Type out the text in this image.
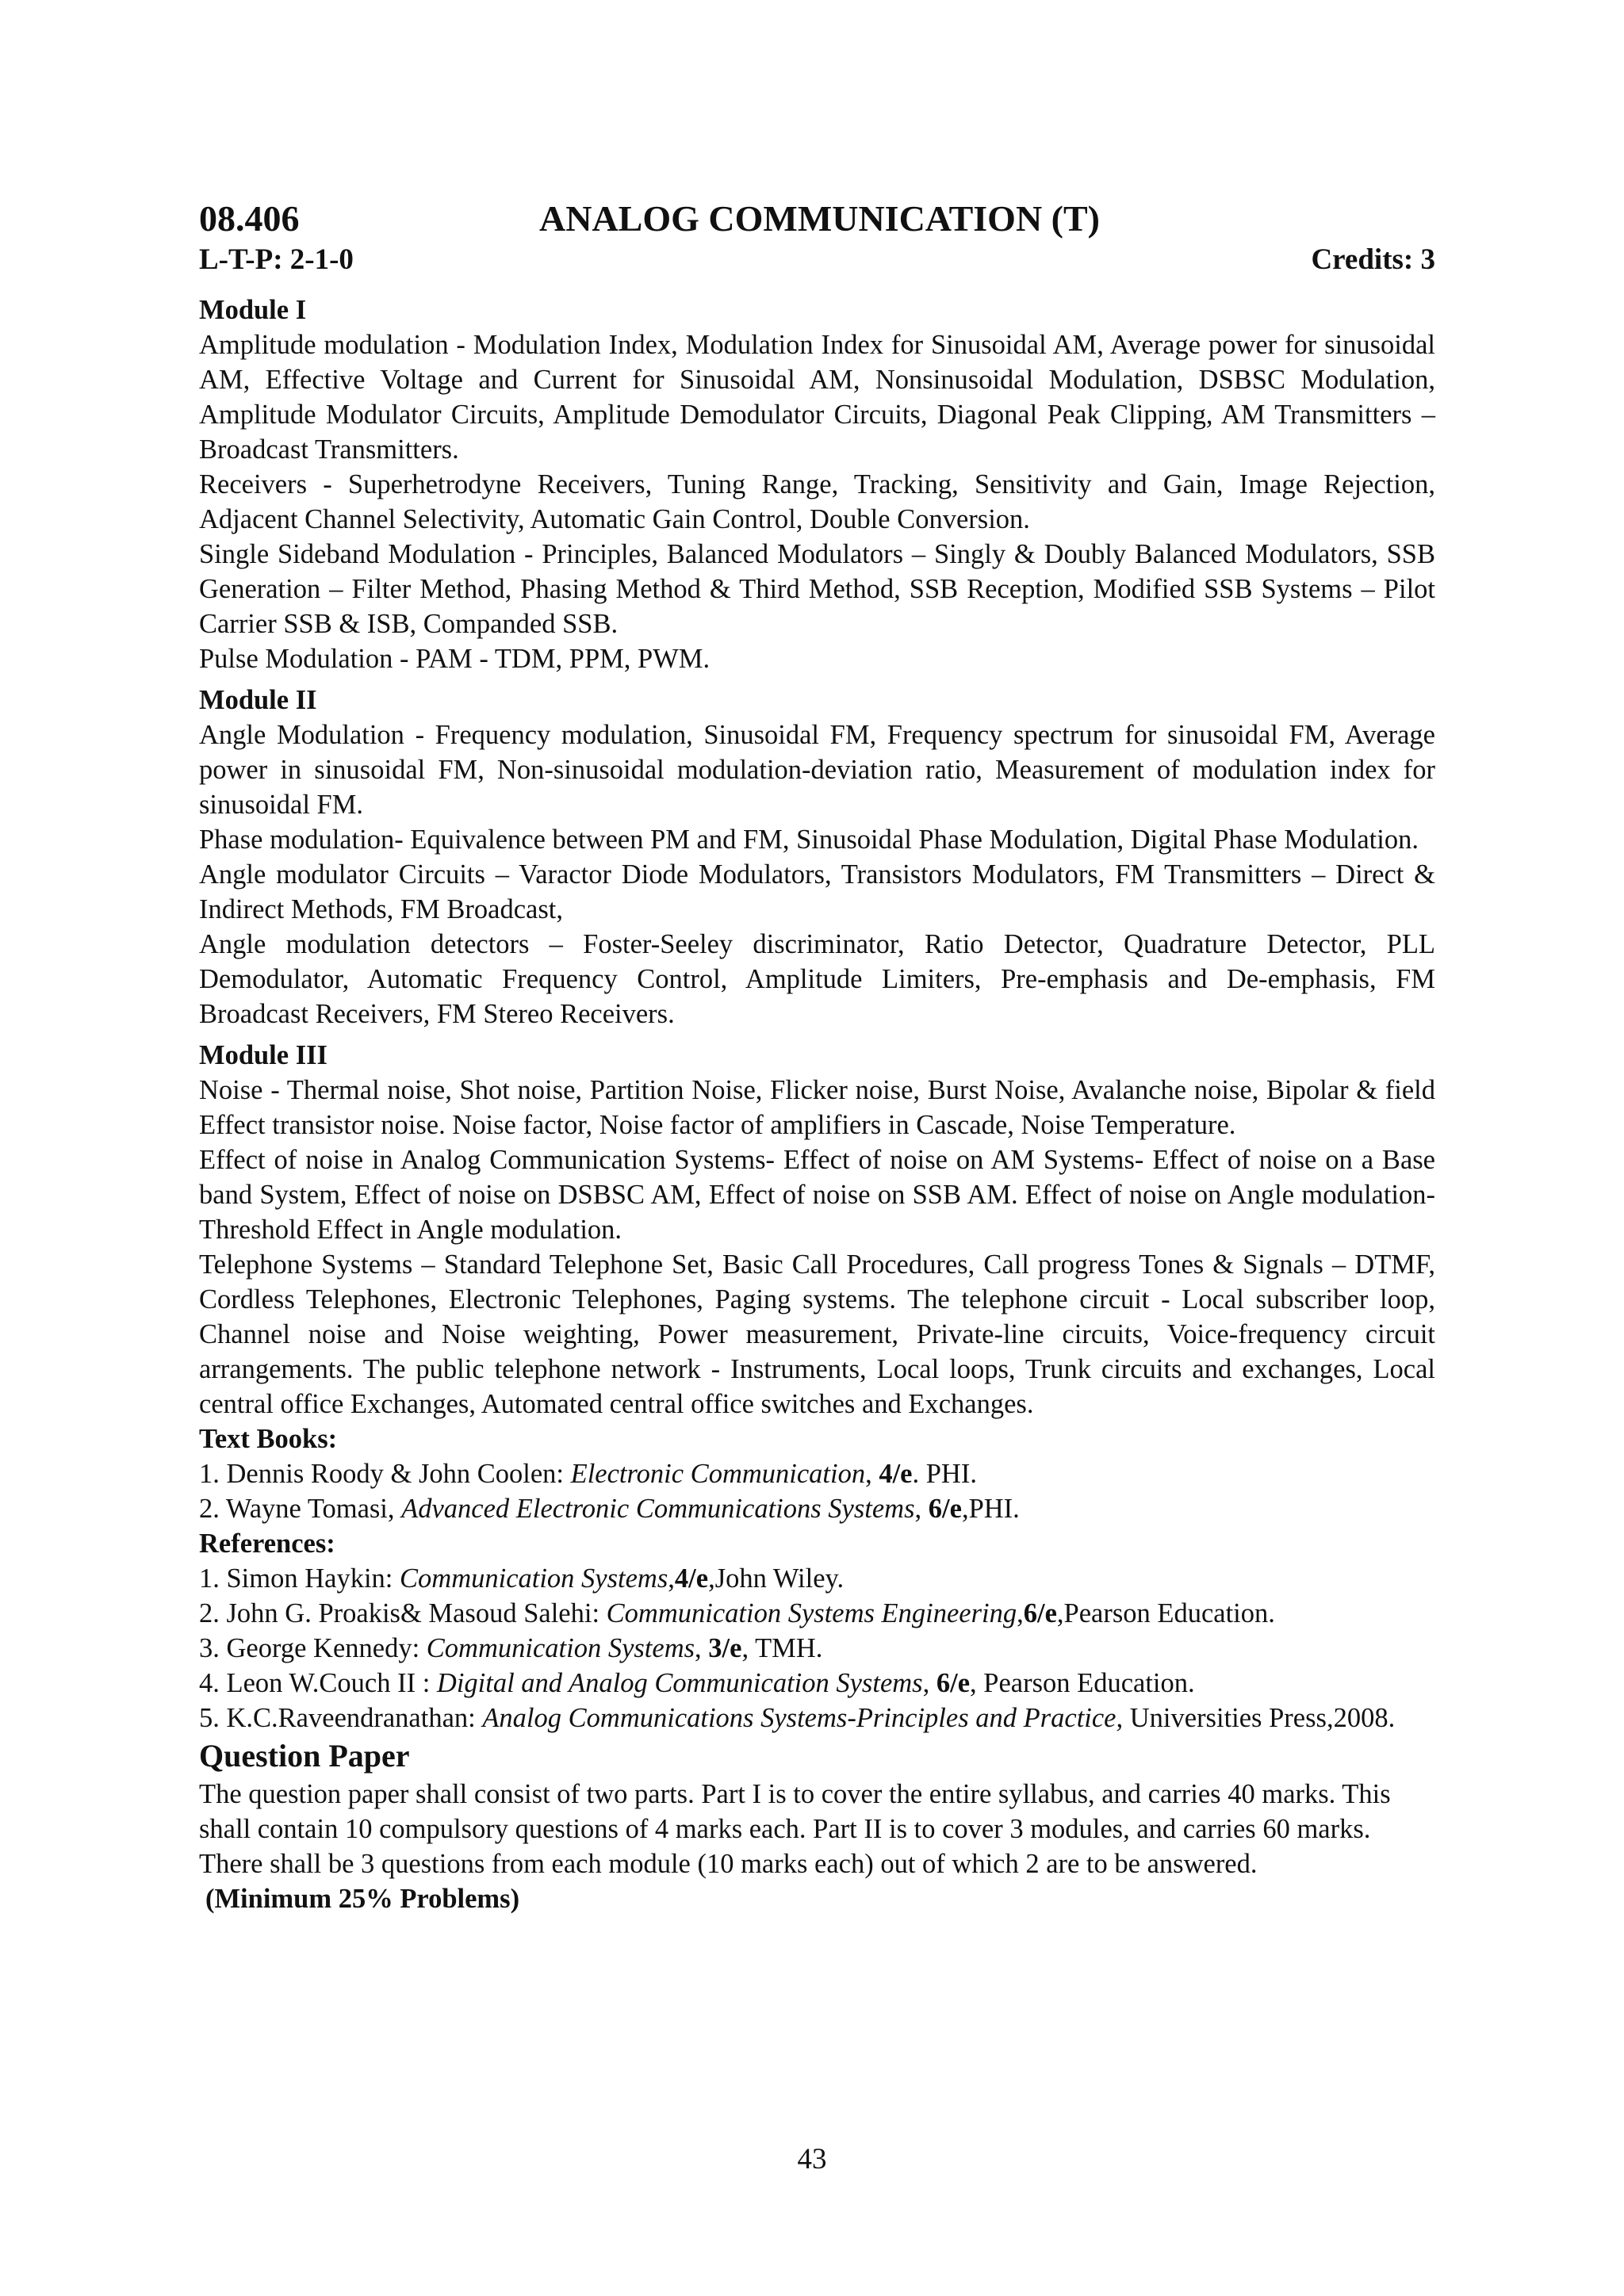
08.406	ANALOG COMMUNICATION (T)
L-T-P: 2-1-0	Credits: 3

Module I

Amplitude modulation - Modulation Index, Modulation Index for Sinusoidal AM, Average power for sinusoidal AM, Effective Voltage and Current for Sinusoidal AM, Nonsinusoidal Modulation, DSBSC Modulation, Amplitude Modulator Circuits, Amplitude Demodulator Circuits, Diagonal Peak Clipping, AM Transmitters – Broadcast Transmitters.

Receivers - Superhetrodyne Receivers, Tuning Range, Tracking, Sensitivity and Gain, Image Rejection, Adjacent Channel Selectivity, Automatic Gain Control, Double Conversion.

Single Sideband Modulation - Principles, Balanced Modulators – Singly & Doubly Balanced Modulators, SSB Generation – Filter Method, Phasing Method & Third Method, SSB Reception, Modified SSB Systems – Pilot Carrier SSB & ISB, Companded SSB.

Pulse Modulation - PAM - TDM, PPM, PWM.

Module II

Angle Modulation - Frequency modulation, Sinusoidal FM, Frequency spectrum for sinusoidal FM, Average power in sinusoidal FM, Non-sinusoidal modulation-deviation ratio, Measurement of modulation index for sinusoidal FM.

Phase modulation- Equivalence between PM and FM, Sinusoidal Phase Modulation, Digital Phase Modulation.

Angle modulator Circuits – Varactor Diode Modulators, Transistors Modulators, FM Transmitters – Direct & Indirect Methods, FM Broadcast,

Angle modulation detectors – Foster-Seeley discriminator, Ratio Detector, Quadrature Detector, PLL Demodulator, Automatic Frequency Control, Amplitude Limiters, Pre-emphasis and De-emphasis, FM Broadcast Receivers, FM Stereo Receivers.

Module III

Noise - Thermal noise, Shot noise, Partition Noise, Flicker noise, Burst Noise, Avalanche noise, Bipolar & field Effect transistor noise. Noise factor, Noise factor of amplifiers in Cascade, Noise Temperature.

Effect of noise in Analog Communication Systems- Effect of noise on AM Systems- Effect of noise on a Base band System, Effect of noise on DSBSC AM, Effect of noise on SSB AM. Effect of noise on Angle modulation- Threshold Effect in Angle modulation.

Telephone Systems – Standard Telephone Set, Basic Call Procedures, Call progress Tones & Signals – DTMF, Cordless Telephones, Electronic Telephones, Paging systems. The telephone circuit - Local subscriber loop, Channel noise and Noise weighting, Power measurement, Private-line circuits, Voice-frequency circuit arrangements. The public telephone network - Instruments, Local loops, Trunk circuits and exchanges, Local central office Exchanges, Automated central office switches and Exchanges.

Text Books:

1. Dennis Roody & John Coolen: Electronic Communication, 4/e. PHI.

2. Wayne Tomasi, Advanced Electronic Communications Systems, 6/e,PHI.

References:

1. Simon Haykin: Communication Systems,4/e,John Wiley.

2. John G. Proakis& Masoud Salehi: Communication Systems Engineering,6/e,Pearson Education.

3. George Kennedy: Communication Systems, 3/e, TMH.

4. Leon W.Couch II : Digital and Analog Communication Systems, 6/e, Pearson Education.

5. K.C.Raveendranathan: Analog Communications Systems-Principles and Practice, Universities Press,2008.

Question Paper

The question paper shall consist of two parts. Part I is to cover the entire syllabus, and carries 40 marks. This shall contain 10 compulsory questions of 4 marks each. Part II is to cover 3 modules, and carries 60 marks. There shall be 3 questions from each module (10 marks each) out of which 2 are to be answered.

(Minimum 25% Problems)

43
